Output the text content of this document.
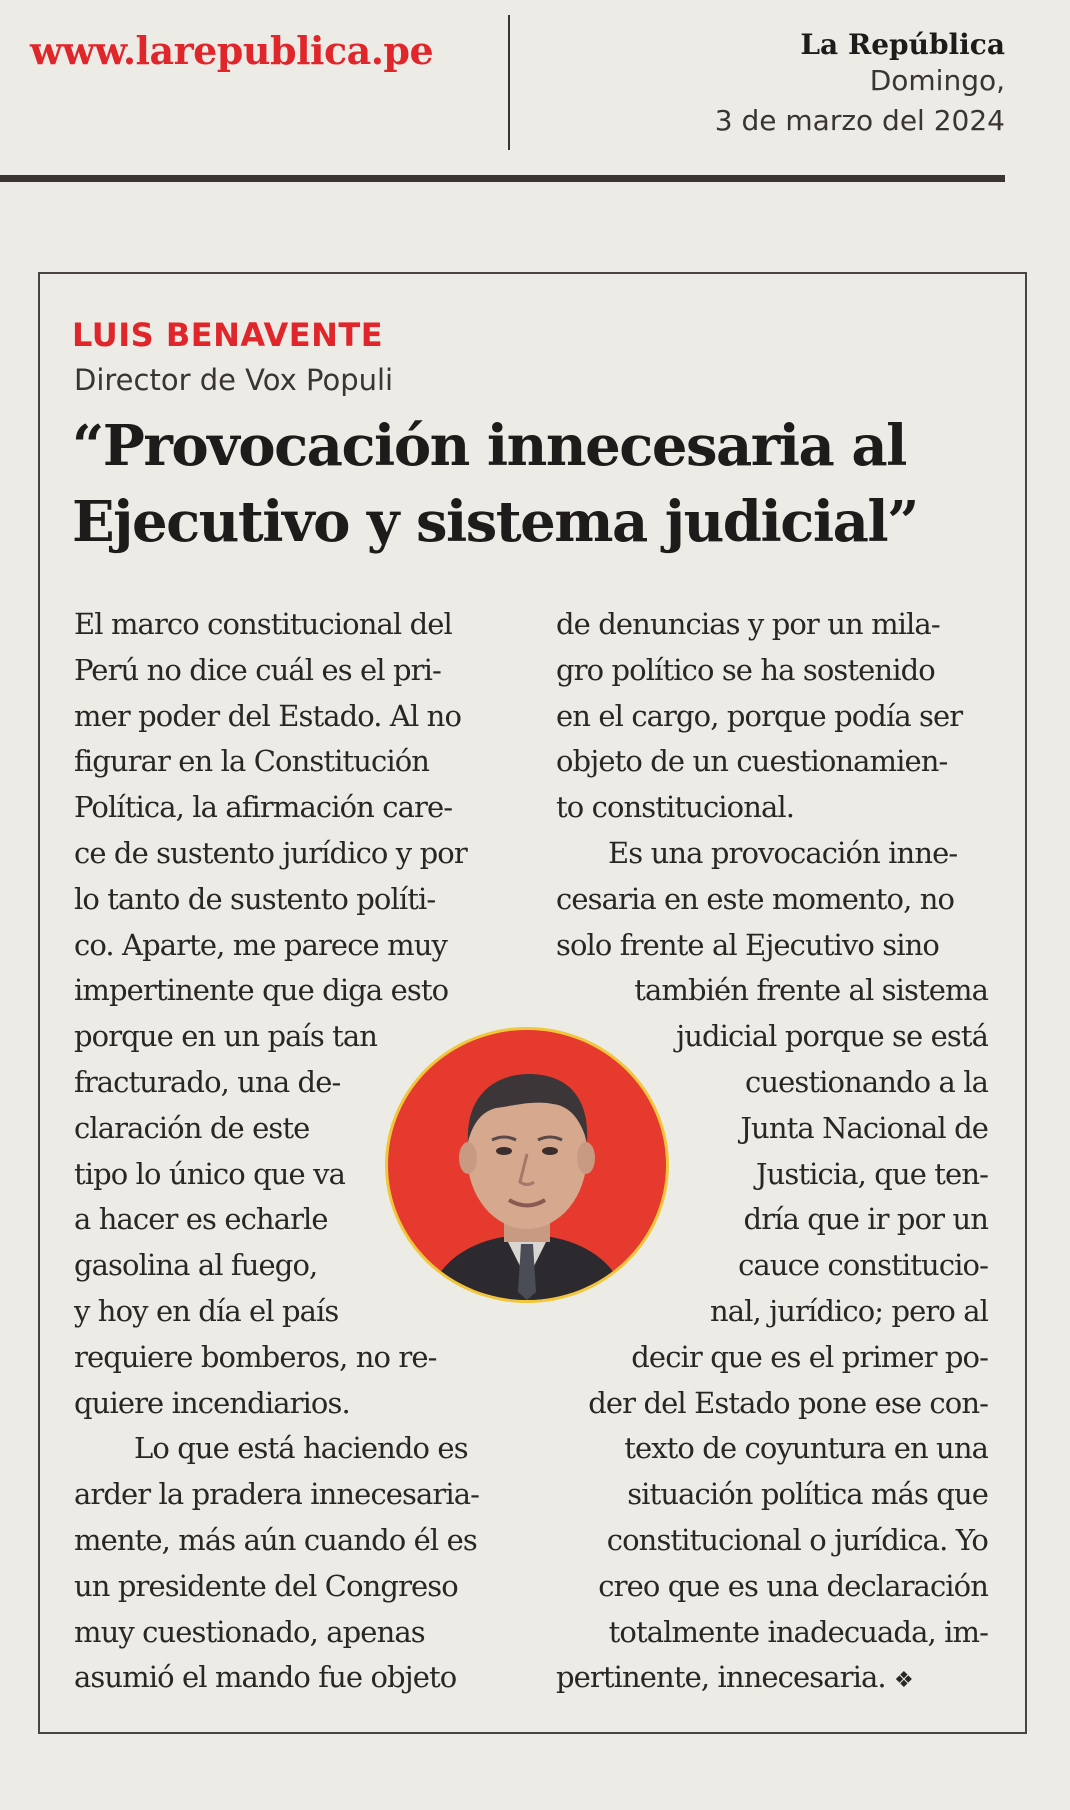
www.larepublica.pe	La República
Domingo,
3 de marzo del 2024
LUIS BENAVENTE
Director de Vox Populi
“Provocación innecesaria al
Ejecutivo y sistema judicial”
El marco constitucional del
Perú no dice cuál es el pri-
mer poder del Estado. Al no
figurar en la Constitución
Política, la afirmación care-
ce de sustento jurídico y por
lo tanto de sustento políti-
co. Aparte, me parece muy
impertinente que diga esto
porque en un país tan
fracturado, una de-
claración de este
tipo lo único que va
a hacer es echarle
gasolina al fuego,
y hoy en día el país
requiere bomberos, no re-
quiere incendiarios.
Lo que está haciendo es
arder la pradera innecesaria-
mente, más aún cuando él es
un presidente del Congreso
muy cuestionado, apenas
asumió el mando fue objeto
de denuncias y por un mila-
gro político se ha sostenido
en el cargo, porque podía ser
objeto de un cuestionamien-
to constitucional.
Es una provocación inne-
cesaria en este momento, no
solo frente al Ejecutivo sino
también frente al sistema
judicial porque se está
cuestionando a la
Junta Nacional de
Justicia, que ten-
dría que ir por un
cauce constitucio-
nal, jurídico; pero al
decir que es el primer po-
der del Estado pone ese con-
texto de coyuntura en una
situación política más que
constitucional o jurídica. Yo
creo que es una declaración
totalmente inadecuada, im-
pertinente, innecesaria. ❖
